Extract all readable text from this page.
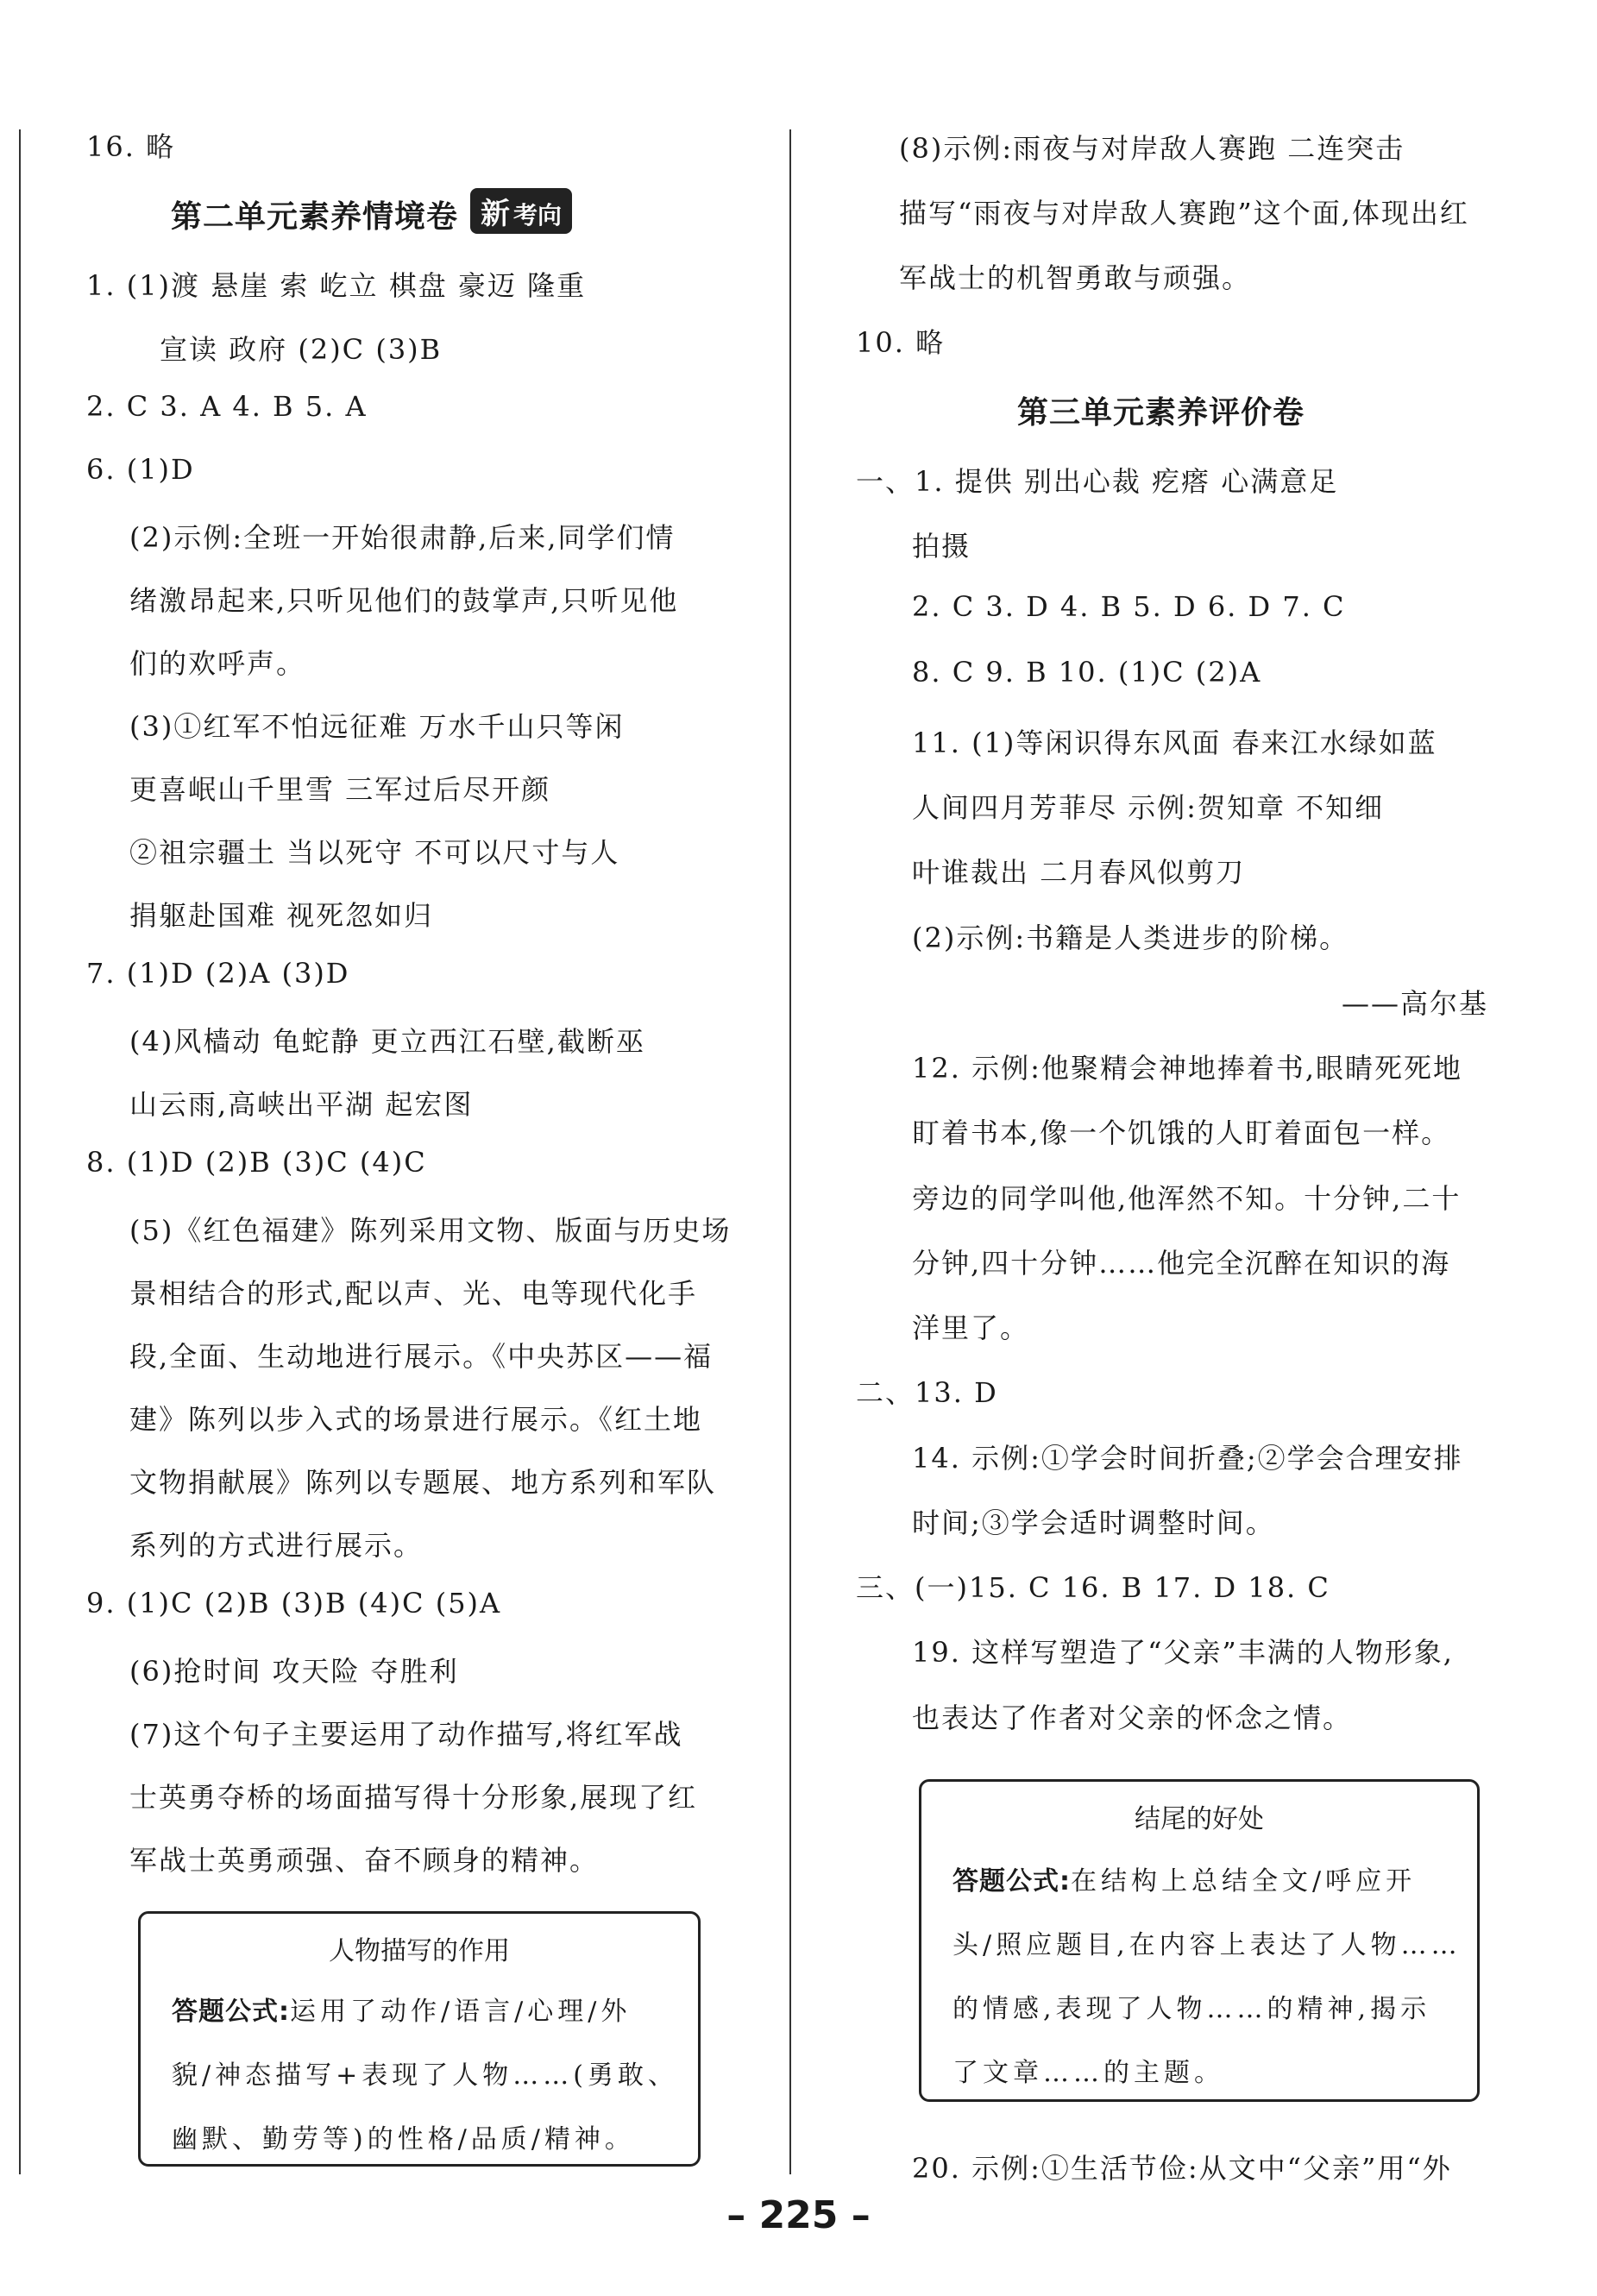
16. 略
第二单元素养情境卷 新 考向
1. (1)渡 悬崖 索 屹立 棋盘 豪迈 隆重
宣读 政府 (2)C (3)B
2. C 3. A 4. B 5. A
6. (1)D
(2)示例:全班一开始很肃静,后来,同学们情
绪激昂起来,只听见他们的鼓掌声,只听见他
们的欢呼声。
(3)①红军不怕远征难 万水千山只等闲
更喜岷山千里雪 三军过后尽开颜
②祖宗疆土 当以死守 不可以尺寸与人
捐躯赴国难 视死忽如归
7. (1)D (2)A (3)D
(4)风樯动 龟蛇静 更立西江石壁,截断巫
山云雨,高峡出平湖 起宏图
8. (1)D (2)B (3)C (4)C
(5)《红色福建》陈列采用文物、版面与历史场
景相结合的形式,配以声、光、电等现代化手
段,全面、生动地进行展示。《中央苏区——福
建》陈列以步入式的场景进行展示。《红土地
文物捐献展》陈列以专题展、地方系列和军队
系列的方式进行展示。
9. (1)C (2)B (3)B (4)C (5)A
(6)抢时间 攻天险 夺胜利
(7)这个句子主要运用了动作描写,将红军战
士英勇夺桥的场面描写得十分形象,展现了红
军战士英勇顽强、奋不顾身的精神。
人物描写的作用
答题公式:运用了动作/语言/心理/外
貌/神态描写+表现了人物……(勇敢、
幽默、勤劳等)的性格/品质/精神。
(8)示例:雨夜与对岸敌人赛跑 二连突击
描写“雨夜与对岸敌人赛跑”这个面,体现出红
军战士的机智勇敢与顽强。
10. 略
第三单元素养评价卷
一、1. 提供 别出心裁 疙瘩 心满意足
拍摄
2. C 3. D 4. B 5. D 6. D 7. C
8. C 9. B 10. (1)C (2)A
11. (1)等闲识得东风面 春来江水绿如蓝
人间四月芳菲尽 示例:贺知章 不知细
叶谁裁出 二月春风似剪刀
(2)示例:书籍是人类进步的阶梯。
——高尔基
12. 示例:他聚精会神地捧着书,眼睛死死地
盯着书本,像一个饥饿的人盯着面包一样。
旁边的同学叫他,他浑然不知。十分钟,二十
分钟,四十分钟……他完全沉醉在知识的海
洋里了。
二、13. D
14. 示例:①学会时间折叠;②学会合理安排
时间;③学会适时调整时间。
三、(一)15. C 16. B 17. D 18. C
19. 这样写塑造了“父亲”丰满的人物形象,
也表达了作者对父亲的怀念之情。
结尾的好处
答题公式:在结构上总结全文/呼应开
头/照应题目,在内容上表达了人物……
的情感,表现了人物……的精神,揭示
了文章……的主题。
20. 示例:①生活节俭:从文中“父亲”用“外
– 225 –
